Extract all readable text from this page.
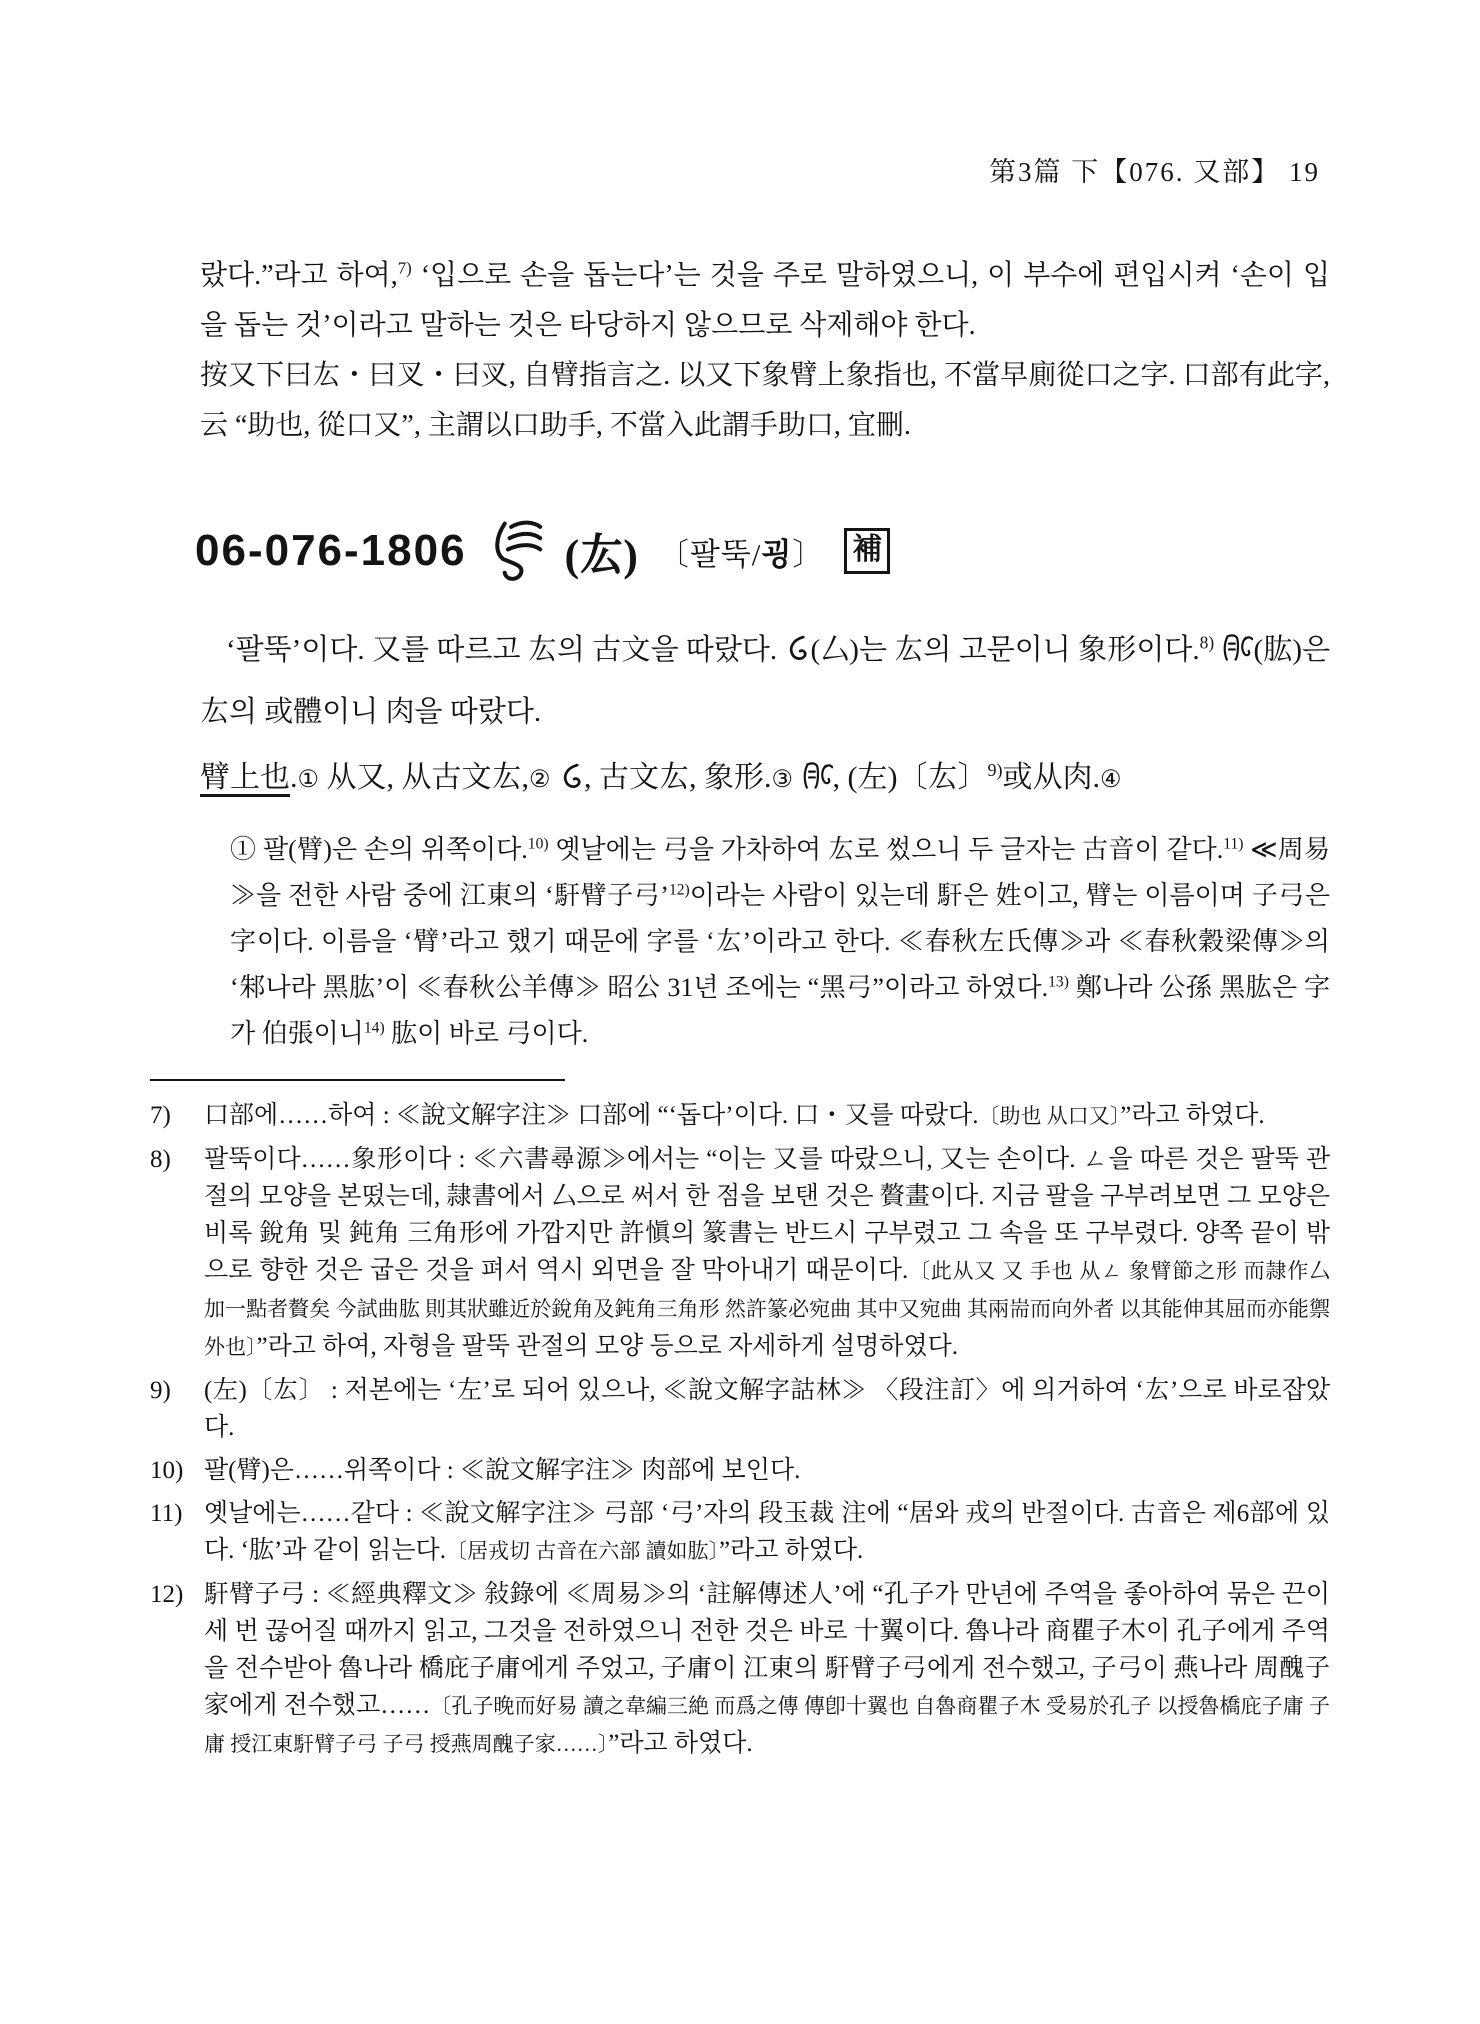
第3篇 下【076. 又部】 19

랐다.”라고 하여,$^{7)}$ ‘입으로 손을 돕는다’는 것을 주로 말하였으니, 이 부수에 편입시켜 ‘손이 입을 돕는 것’이라고 말하는 것은 타당하지 않으므로 삭제해야 한다.

按又下曰厷・曰叉・曰㕚, 自臂指言之. 以又下象臂上象指也, 不當早廁從口之字. 口部有此字, 云 “助也, 從口又”, 主謂以口助手, 不當入此謂手助口, 宜刪.

06-076-1806 (厷) 〔팔뚝/굉〕 補

‘팔뚝’이다. 又를 따르고 厷의 古文을 따랐다. (厶)는 厷의 고문이니 象形이다.$^{8)}$ (肱)은 厷의 或體이니 肉을 따랐다.

臂上也.① 从又, 从古文厷,② , 古文厷, 象形.③ , (左)〔厷〕$^{9)}$或从肉.④

① 팔(臂)은 손의 위쪽이다.$^{10)}$ 옛날에는 弓을 가차하여 厷로 썼으니 두 글자는 古音이 같다.$^{11)}$ ≪周易≫을 전한 사람 중에 江東의 ‘馯臂子弓’$^{12)}$이라는 사람이 있는데 馯은 姓이고, 臂는 이름이며 子弓은 字이다. 이름을 ‘臂’라고 했기 때문에 字를 ‘厷’이라고 한다. ≪春秋左氏傳≫과 ≪春秋穀梁傳≫의 ‘邾나라 黑肱’이 ≪春秋公羊傳≫ 昭公 31년 조에는 “黑弓”이라고 하였다.$^{13)}$ 鄭나라 公孫 黑肱은 字가 伯張이니$^{14)}$ 肱이 바로 弓이다.

7)	口部에……하여 : ≪說文解字注≫ 口部에 “‘돕다’이다. 口・又를 따랐다.〔助也 从口又〕”라고 하였다.
8)	팔뚝이다……象形이다 : ≪六書尋源≫에서는 “이는 又를 따랐으니, 又는 손이다. ㄥ을 따른 것은 팔뚝 관절의 모양을 본떴는데, 隷書에서 厶으로 써서 한 점을 보탠 것은 贅畫이다. 지금 팔을 구부려보면 그 모양은 비록 銳角 및 鈍角 三角形에 가깝지만 許愼의 篆書는 반드시 구부렸고 그 속을 또 구부렸다. 양쪽 끝이 밖으로 향한 것은 굽은 것을 펴서 역시 외면을 잘 막아내기 때문이다.〔此从又 又 手也 从ㄥ 象臂節之形 而隷作厶 加一點者贅矣 今試曲肱 則其狀雖近於銳角及鈍角三角形 然許篆必宛曲 其中又宛曲 其兩耑而向外者 以其能伸其屈而亦能禦外也〕”라고 하여, 자형을 팔뚝 관절의 모양 등으로 자세하게 설명하였다.
9)	(左)〔厷〕 : 저본에는 ‘左’로 되어 있으나, ≪說文解字詁林≫ 〈段注訂〉에 의거하여 ‘厷’으로 바로잡았다.
10) 팔(臂)은……위쪽이다 : ≪說文解字注≫ 肉部에 보인다.
11) 옛날에는……같다 : ≪說文解字注≫ 弓部 ‘弓’자의 段玉裁 注에 “居와 戎의 반절이다. 古音은 제6部에 있다. ‘肱’과 같이 읽는다.〔居戎切 古音在六部 讀如肱〕”라고 하였다.
12) 馯臂子弓 : ≪經典釋文≫ 敍錄에 ≪周易≫의 ‘註解傳述人’에 “孔子가 만년에 주역을 좋아하여 묶은 끈이 세 번 끊어질 때까지 읽고, 그것을 전하였으니 전한 것은 바로 十翼이다. 魯나라 商瞿子木이 孔子에게 주역을 전수받아 魯나라 橋庇子庸에게 주었고, 子庸이 江東의 馯臂子弓에게 전수했고, 子弓이 燕나라 周醜子家에게 전수했고……〔孔子晚而好易 讀之韋編三絶 而爲之傳 傳卽十翼也 自魯商瞿子木 受易於孔子 以授魯橋庇子庸 子庸 授江東馯臂子弓 子弓 授燕周醜子家……〕”라고 하였다.
